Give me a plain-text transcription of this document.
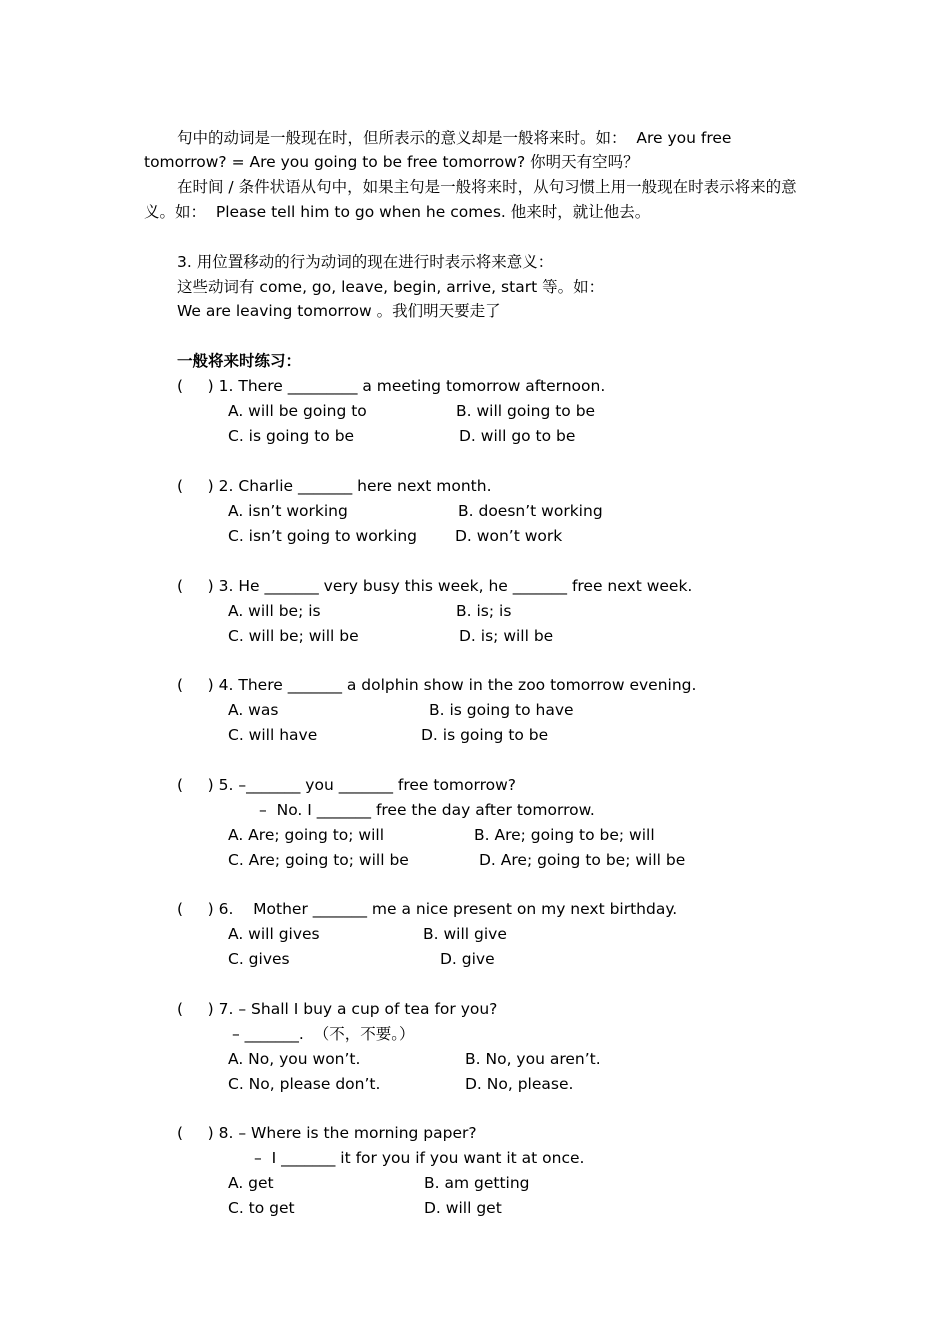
句中的动词是一般现在时，但所表示的意义却是一般将来时。如：  Are you free
tomorrow? = Are you going to be free tomorrow? 你明天有空吗？
在时间 / 条件状语从句中，如果主句是一般将来时，从句习惯上用一般现在时表示将来的意
义。如：  Please tell him to go when he comes. 他来时，就让他去。
3. 用位置移动的行为动词的现在进行时表示将来意义：
这些动词有 come, go, leave, begin, arrive, start 等。如：
We are leaving tomorrow 。我们明天要走了
一般将来时练习：
(     ) 1. There _________ a meeting tomorrow afternoon.
A. will be going to	B. will going to be
C. is going to be	D. will go to be
(     ) 2. Charlie _______ here next month.
A. isn’t working	B. doesn’t working
C. isn’t going to working D. won’t work
(     ) 3. He _______ very busy this week, he _______ free next week.
A. will be; is	B. is; is
C. will be; will be	D. is; will be
(     ) 4. There _______ a dolphin show in the zoo tomorrow evening.
A. was	B. is going to have
C. will have	D. is going to be
(     ) 5. –_______ you _______ free tomorrow?
–  No. I _______ free the day after tomorrow.
A. Are; going to; will	B. Are; going to be; will
C. Are; going to; will be	D. Are; going to be; will be
(     ) 6.    Mother _______ me a nice present on my next birthday.
A. will gives	B. will give
C. gives	D. give
(     ) 7. – Shall I buy a cup of tea for you?
– _______.  （不，不要。）
A. No, you won’t.	B. No, you aren’t.
C. No, please don’t.	D. No, please.
(     ) 8. – Where is the morning paper?
–  I _______ it for you if you want it at once.
A. get	B. am getting
C. to get	D. will get
